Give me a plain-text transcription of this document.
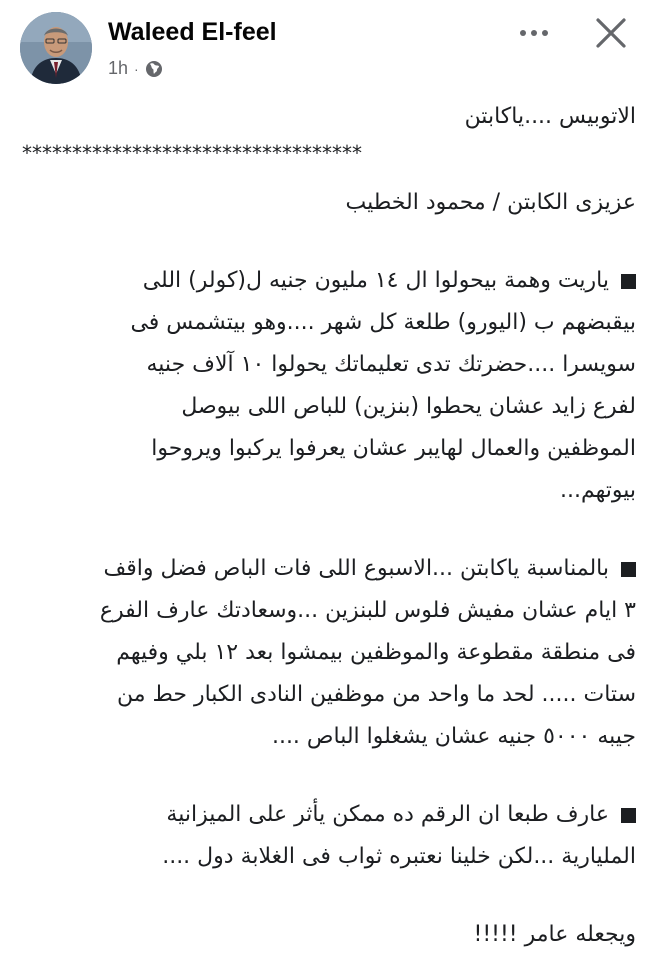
Waleed El-feel
1h ·
الاتوبيس ....ياكابتن
**********************************
عزيزى الكابتن / محمود الخطيب
ياريت وهمة بيحولوا ال ١٤ مليون جنيه ل(كولر) اللى
بيقبضهم ب (اليورو) طلعة كل شهر ....وهو بيتشمس فى
سويسرا ....حضرتك تدى تعليماتك يحولوا ١٠ آلاف جنيه
لفرع زايد عشان يحطوا (بنزين) للباص اللى بيوصل
الموظفين والعمال لهايبر عشان يعرفوا يركبوا ويروحوا
بيوتهم...
بالمناسبة ياكابتن ...الاسبوع اللى فات الباص فضل واقف
٣ ايام عشان مفيش فلوس للبنزين ...وسعادتك عارف الفرع
فى منطقة مقطوعة والموظفين بيمشوا بعد ١٢ بلي وفيهم
ستات ..... لحد ما واحد من موظفين النادى الكبار حط من
جيبه ٥٠٠٠ جنيه عشان يشغلوا الباص ....
عارف طبعا ان الرقم ده ممكن يأثر على الميزانية
المليارية ...لكن خلينا نعتبره ثواب فى الغلابة دول ....
ويجعله عامر !!!!!
